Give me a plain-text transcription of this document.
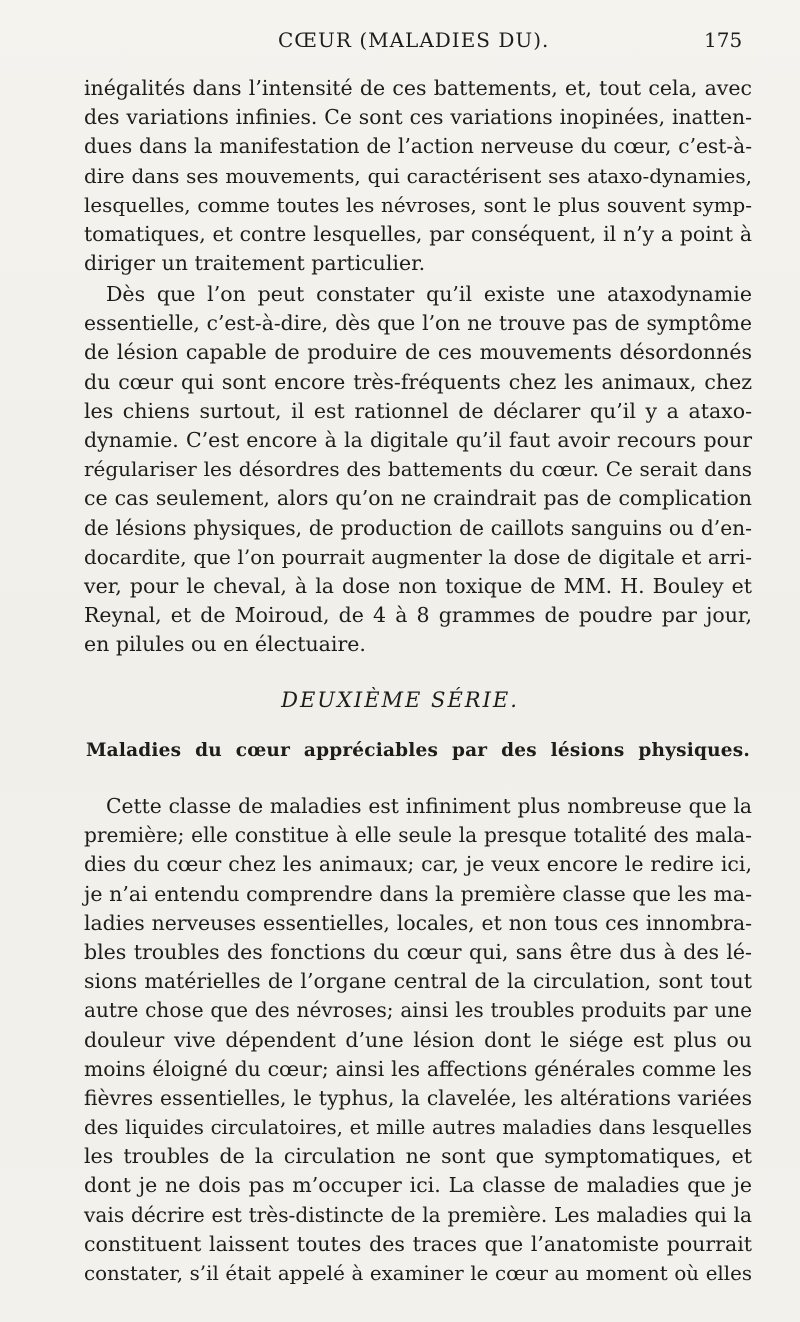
CŒUR (MALADIES DU).	175
inégalités dans l’intensité de ces battements, et, tout cela, avec
des variations infinies. Ce sont ces variations inopinées, inatten-
dues dans la manifestation de l’action nerveuse du cœur, c’est-à-
dire dans ses mouvements, qui caractérisent ses ataxo-dynamies,
lesquelles, comme toutes les névroses, sont le plus souvent symp-
tomatiques, et contre lesquelles, par conséquent, il n’y a point à
diriger un traitement particulier.
Dès que l’on peut constater qu’il existe une ataxodynamie
essentielle, c’est-à-dire, dès que l’on ne trouve pas de symptôme
de lésion capable de produire de ces mouvements désordonnés
du cœur qui sont encore très-fréquents chez les animaux, chez
les chiens surtout, il est rationnel de déclarer qu’il y a ataxo-
dynamie. C’est encore à la digitale qu’il faut avoir recours pour
régulariser les désordres des battements du cœur. Ce serait dans
ce cas seulement, alors qu’on ne craindrait pas de complication
de lésions physiques, de production de caillots sanguins ou d’en-
docardite, que l’on pourrait augmenter la dose de digitale et arri-
ver, pour le cheval, à la dose non toxique de MM. H. Bouley et
Reynal, et de Moiroud, de 4 à 8 grammes de poudre par jour,
en pilules ou en électuaire.
DEUXIÈME SÉRIE.
Maladies du cœur appréciables par des lésions physiques.
Cette classe de maladies est infiniment plus nombreuse que la
première; elle constitue à elle seule la presque totalité des mala-
dies du cœur chez les animaux; car, je veux encore le redire ici,
je n’ai entendu comprendre dans la première classe que les ma-
ladies nerveuses essentielles, locales, et non tous ces innombra-
bles troubles des fonctions du cœur qui, sans être dus à des lé-
sions matérielles de l’organe central de la circulation, sont tout
autre chose que des névroses; ainsi les troubles produits par une
douleur vive dépendent d’une lésion dont le siége est plus ou
moins éloigné du cœur; ainsi les affections générales comme les
fièvres essentielles, le typhus, la clavelée, les altérations variées
des liquides circulatoires, et mille autres maladies dans lesquelles
les troubles de la circulation ne sont que symptomatiques, et
dont je ne dois pas m’occuper ici. La classe de maladies que je
vais décrire est très-distincte de la première. Les maladies qui la
constituent laissent toutes des traces que l’anatomiste pourrait
constater, s’il était appelé à examiner le cœur au moment où elles
